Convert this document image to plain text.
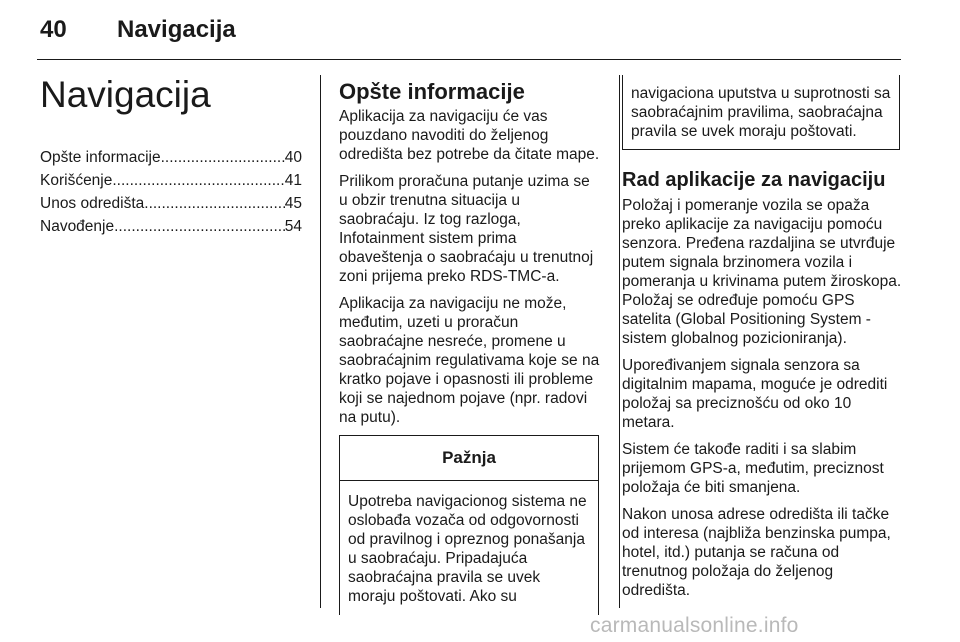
40 Navigacija
Navigacija
Opšte informacije .....	40
Korišćenje .....	41
Unos odredišta .....	45
Navođenje .....	54
Opšte informacije

Aplikacija za navigaciju će vas pouzdano navoditi do željenog odredišta bez potrebe da čitate mape.

Prilikom proračuna putanje uzima se u obzir trenutna situacija u saobraćaju. Iz tog razloga, Infotainment sistem prima obaveštenja o saobraćaju u trenutnoj zoni prijema preko RDS-TMC-a.

Aplikacija za navigaciju ne može, međutim, uzeti u proračun saobraćajne nesreće, promene u saobraćajnim regulativama koje se na kratko pojave i opasnosti ili probleme koji se najednom pojave (npr. radovi na putu).

Pažnja
Upotreba navigacionog sistema ne oslobađa vozača od odgovornosti od pravilnog i opreznog ponašanja u saobraćaju. Pripadajuća saobraćajna pravila se uvek moraju poštovati. Ako su
navigaciona uputstva u suprotnosti sa saobraćajnim pravilima, saobraćajna pravila se uvek moraju poštovati.
Rad aplikacije za navigaciju

Položaj i pomeranje vozila se opaža preko aplikacije za navigaciju pomoću senzora. Pređena razdaljina se utvrđuje putem signala brzinomera vozila i pomeranja u krivinama putem žiroskopa. Položaj se određuje pomoću GPS satelita (Global Positioning System - sistem globalnog pozicioniranja).

Upoređivanjem signala senzora sa digitalnim mapama, moguće je odrediti položaj sa preciznošću od oko 10 metara.

Sistem će takođe raditi i sa slabim prijemom GPS-a, međutim, preciznost položaja će biti smanjena.

Nakon unosa adrese odredišta ili tačke od interesa (najbliža benzinska pumpa, hotel, itd.) putanja se računa od trenutnog položaja do željenog odredišta.

carmanualsonline.info
